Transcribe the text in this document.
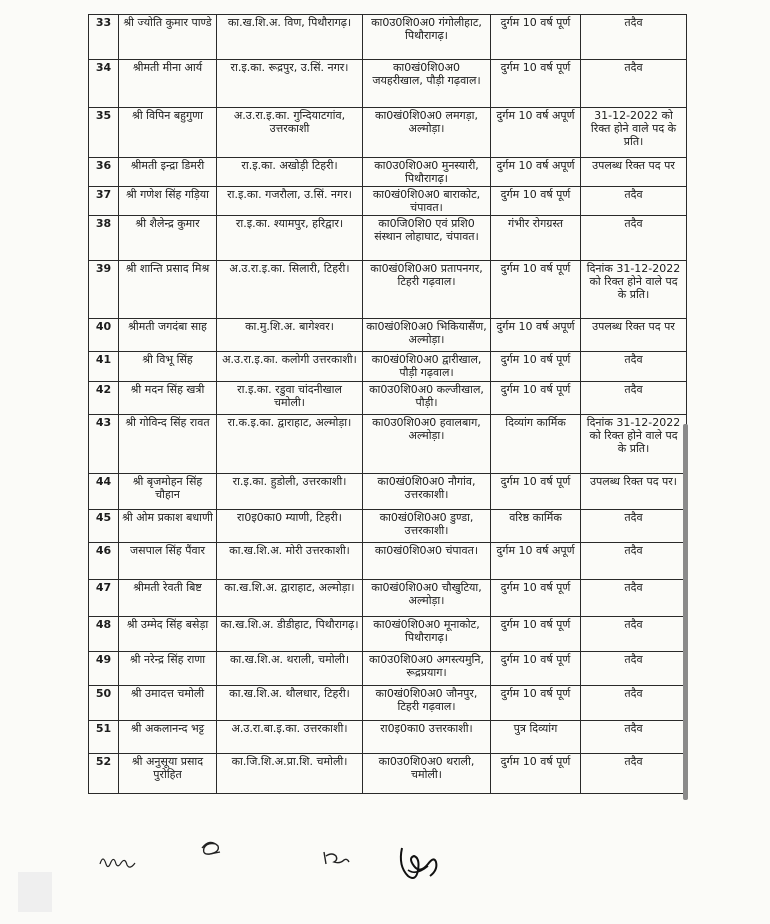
33	श्री ज्योति कुमार पाण्डे	का.ख.शि.अ. विण, पिथौरागढ़।	का0उ0शि0अ0 गंगोलीहाट, पिथौरागढ़।	दुर्गम 10 वर्ष पूर्ण	तदैव
34	श्रीमती मीना आर्य	रा.इ.का. रूद्रपुर, उ.सिं. नगर।	का0खं0शि0अ0 जयहरीखाल, पौड़ी गढ़वाल।	दुर्गम 10 वर्ष पूर्ण	तदैव
35	श्री विपिन बहुगुणा	अ.उ.रा.इ.का. गुन्दियाटगांव, उत्तरकाशी	का0खं0शि0अ0 लमगड़ा, अल्मोड़ा।	दुर्गम 10 वर्ष अपूर्ण	31-12-2022 को रिक्त होने वाले पद के प्रति।
36	श्रीमती इन्द्रा डिमरी	रा.इ.का. अखोड़ी टिहरी।	का0उ0शि0अ0 मुनस्यारी, पिथौरागढ़।	दुर्गम 10 वर्ष अपूर्ण	उपलब्ध रिक्त पद पर
37	श्री गणेश सिंह गड़िया	रा.इ.का. गजरौला, उ.सिं. नगर।	का0खं0शि0अ0 बाराकोट, चंपावत।	दुर्गम 10 वर्ष पूर्ण	तदैव
38	श्री शैलेन्द्र कुमार	रा.इ.का. श्यामपुर, हरिद्वार।	का0जि0शि0 एवं प्रशि0 संस्थान लोहाघाट, चंपावत।	गंभीर रोगग्रस्त	तदैव
39	श्री शान्ति प्रसाद मिश्र	अ.उ.रा.इ.का. सिलारी, टिहरी।	का0खं0शि0अ0 प्रतापनगर, टिहरी गढ़वाल।	दुर्गम 10 वर्ष पूर्ण	दिनांक 31-12-2022 को रिक्त होने वाले पद के प्रति।
40	श्रीमती जगदंबा साह	का.मु.शि.अ. बागेश्वर।	का0खं0शि0अ0 भिकियासैंण, अल्मोड़ा।	दुर्गम 10 वर्ष अपूर्ण	उपलब्ध रिक्त पद पर
41	श्री विभू सिंह	अ.उ.रा.इ.का. कलोगी उत्तरकाशी।	का0खं0शि0अ0 द्वारीखाल, पौड़ी गढ़वाल।	दुर्गम 10 वर्ष पूर्ण	तदैव
42	श्री मदन सिंह खत्री	रा.इ.का. रडुवा चांदनीखाल चमोली।	का0उ0शि0अ0 कल्जीखाल, पौड़ी।	दुर्गम 10 वर्ष पूर्ण	तदैव
43	श्री गोविन्द सिंह रावत	रा.क.इ.का. द्वाराहाट, अल्मोड़ा।	का0उ0शि0अ0 हवालबाग, अल्मोड़ा।	दिव्यांग कार्मिक	दिनांक 31-12-2022 को रिक्त होने वाले पद के प्रति।
44	श्री बृजमोहन सिंह चौहान	रा.इ.का. हुडोली, उत्तरकाशी।	का0खं0शि0अ0 नौगांव, उत्तरकाशी।	दुर्गम 10 वर्ष पूर्ण	उपलब्ध रिक्त पद पर।
45	श्री ओम प्रकाश बधाणी	रा0इ0का0 म्याणी, टिहरी।	का0खं0शि0अ0 डुण्डा, उत्तरकाशी।	वरिष्ठ कार्मिक	तदैव
46	जसपाल सिंह पैंवार	का.ख.शि.अ. मोरी उत्तरकाशी।	का0खं0शि0अ0 चंपावत।	दुर्गम 10 वर्ष अपूर्ण	तदैव
47	श्रीमती रेवती बिष्ट	का.ख.शि.अ. द्वाराहाट, अल्मोड़ा।	का0खं0शि0अ0 चौखुटिया, अल्मोड़ा।	दुर्गम 10 वर्ष पूर्ण	तदैव
48	श्री उम्मेद सिंह बसेड़ा	का.ख.शि.अ. डीडीहाट, पिथौरागढ़।	का0खं0शि0अ0 मूनाकोट, पिथौरागढ़।	दुर्गम 10 वर्ष पूर्ण	तदैव
49	श्री नरेन्द्र सिंह राणा	का.ख.शि.अ. थराली, चमोली।	का0उ0शि0अ0 अगस्त्यमुनि, रूद्रप्रयाग।	दुर्गम 10 वर्ष पूर्ण	तदैव
50	श्री उमादत्त चमोली	का.ख.शि.अ. थौलधार, टिहरी।	का0खं0शि0अ0 जौनपुर, टिहरी गढ़वाल।	दुर्गम 10 वर्ष पूर्ण	तदैव
51	श्री अकलानन्द भट्ट	अ.उ.रा.बा.इ.का. उत्तरकाशी।	रा0इ0का0 उत्तरकाशी।	पुत्र दिव्यांग	तदैव
52	श्री अनुसूया प्रसाद पुरोहित	का.जि.शि.अ.प्रा.शि. चमोली।	का0उ0शि0अ0 थराली, चमोली।	दुर्गम 10 वर्ष पूर्ण	तदैव
